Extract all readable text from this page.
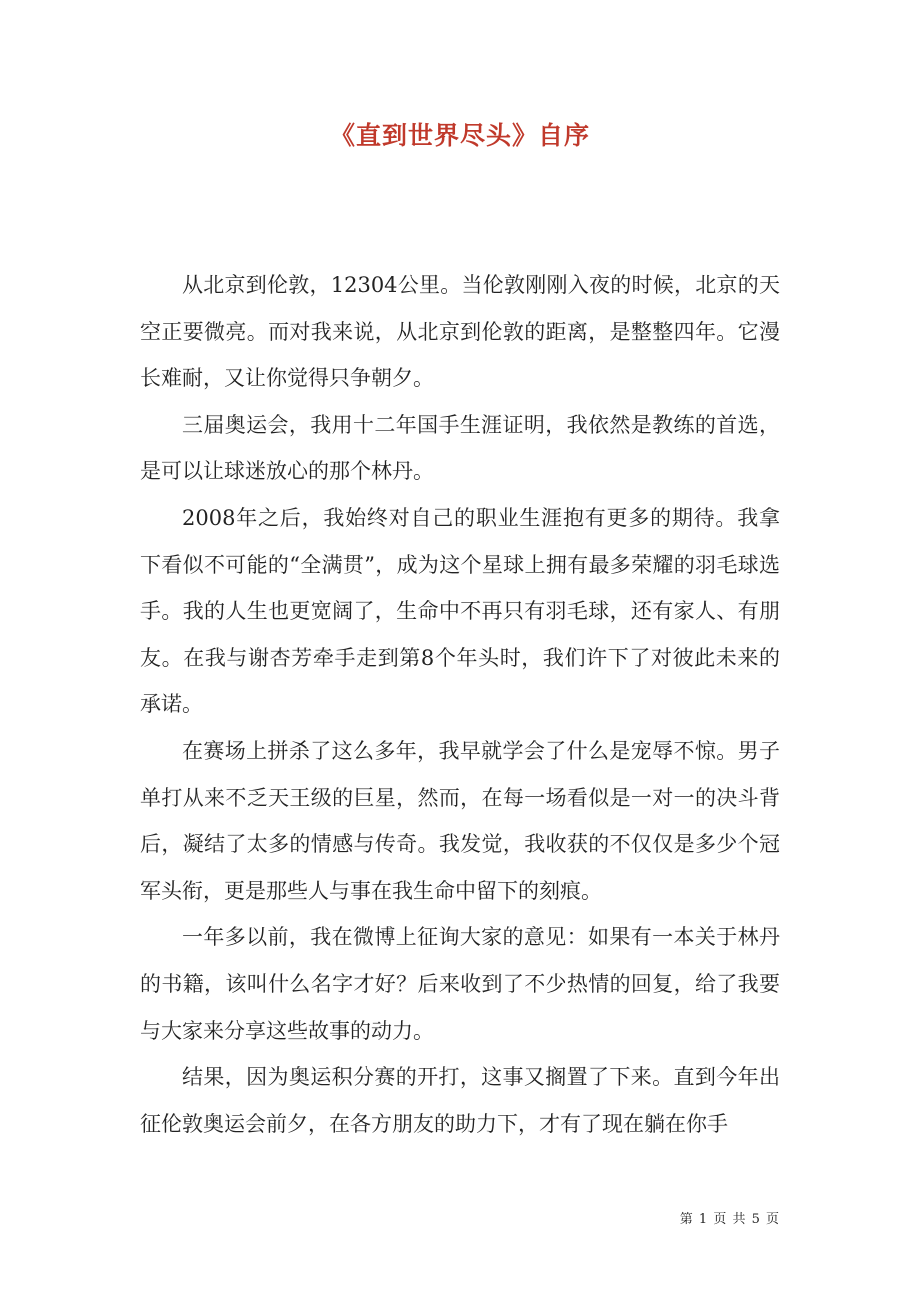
《直到世界尽头》自序

从北京到伦敦，12304公里。当伦敦刚刚入夜的时候，北京的天空正要微亮。而对我来说，从北京到伦敦的距离，是整整四年。它漫长难耐，又让你觉得只争朝夕。

三届奥运会，我用十二年国手生涯证明，我依然是教练的首选，是可以让球迷放心的那个林丹。

2008年之后，我始终对自己的职业生涯抱有更多的期待。我拿下看似不可能的“全满贯”，成为这个星球上拥有最多荣耀的羽毛球选手。我的人生也更宽阔了，生命中不再只有羽毛球，还有家人、有朋友。在我与谢杏芳牵手走到第8个年头时，我们许下了对彼此未来的承诺。

在赛场上拼杀了这么多年，我早就学会了什么是宠辱不惊。男子单打从来不乏天王级的巨星，然而，在每一场看似是一对一的决斗背后，凝结了太多的情感与传奇。我发觉，我收获的不仅仅是多少个冠军头衔，更是那些人与事在我生命中留下的刻痕。

一年多以前，我在微博上征询大家的意见：如果有一本关于林丹的书籍，该叫什么名字才好？后来收到了不少热情的回复，给了我要与大家来分享这些故事的动力。

结果，因为奥运积分赛的开打，这事又搁置了下来。直到今年出征伦敦奥运会前夕，在各方朋友的助力下，才有了现在躺在你手

第 1 页 共 5 页
